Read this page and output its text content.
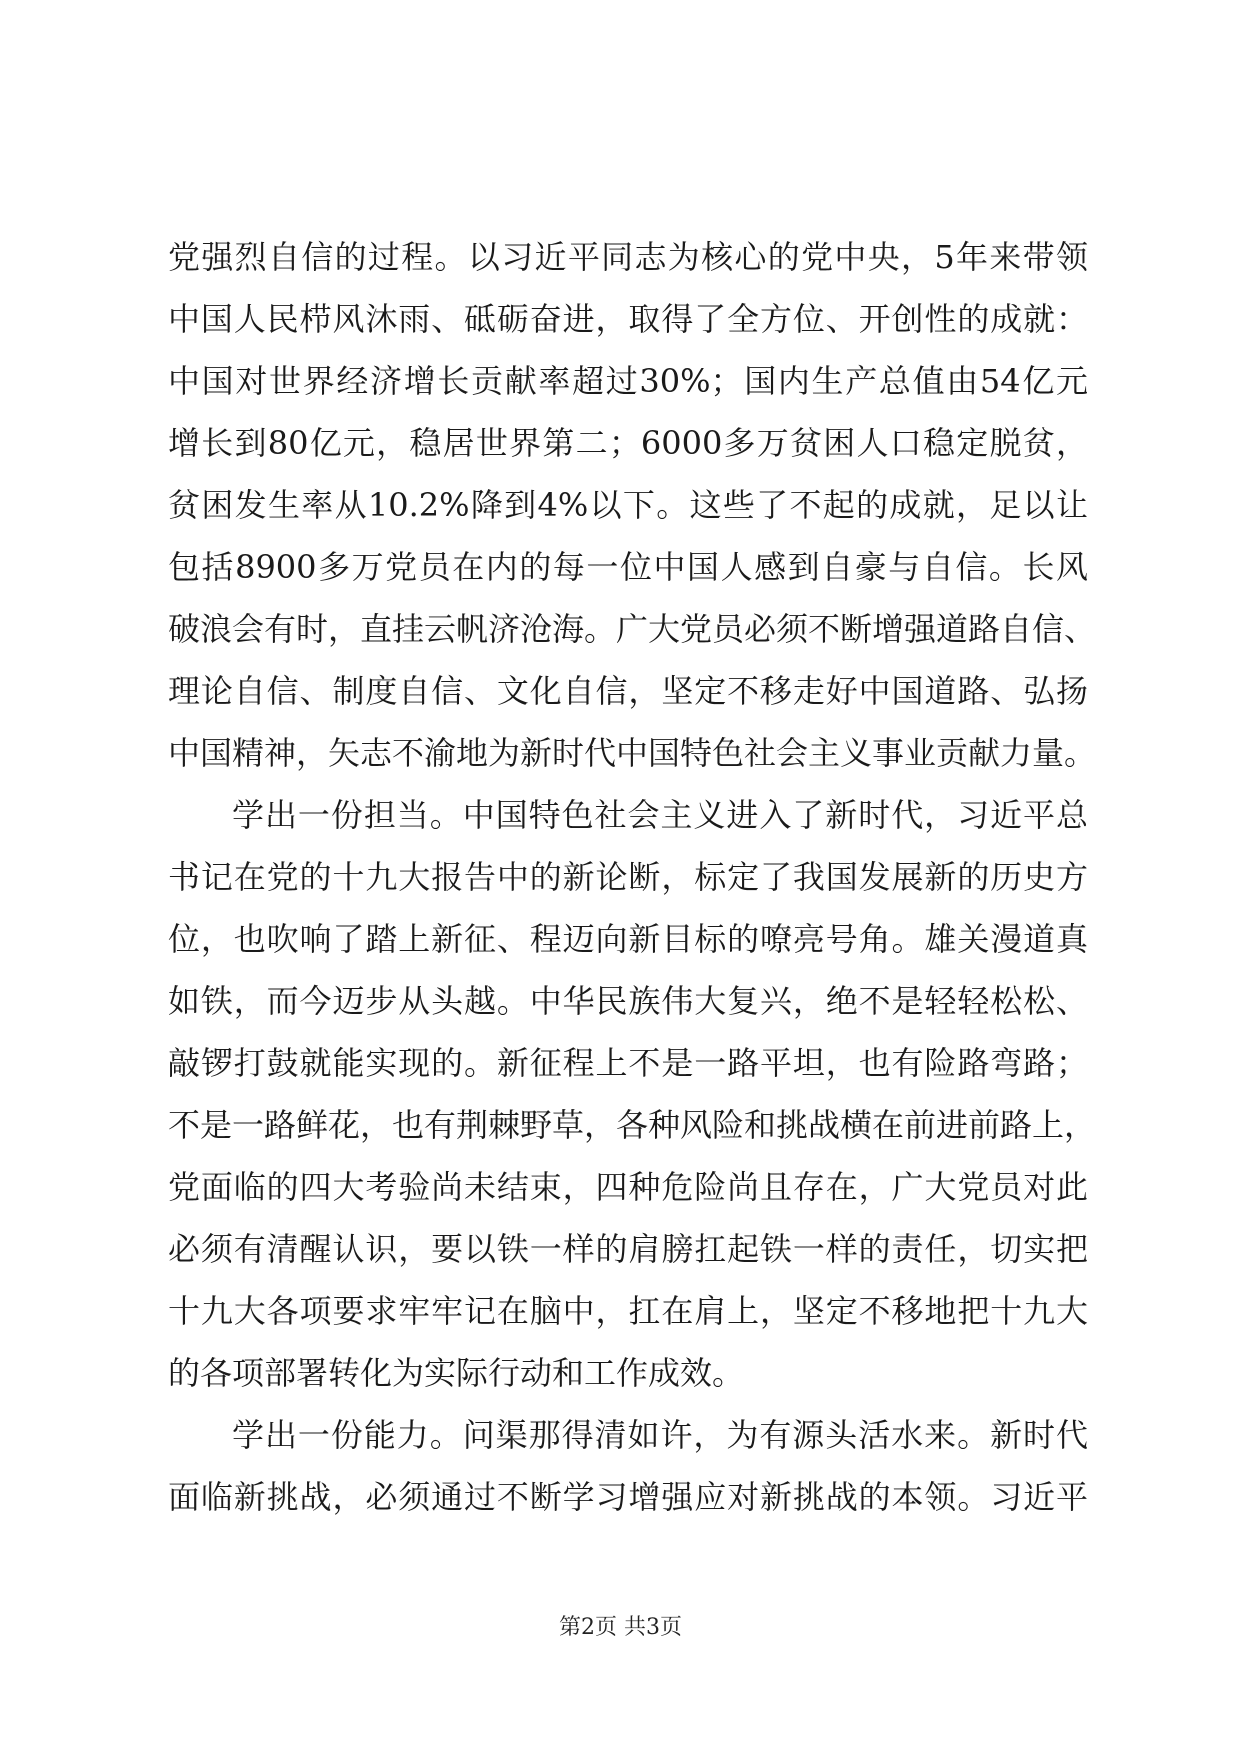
党强烈自信的过程。以习近平同志为核心的党中央，5年来带领
中国人民栉风沐雨、砥砺奋进，取得了全方位、开创性的成就：
中国对世界经济增长贡献率超过30%；国内生产总值由54亿元
增长到80亿元，稳居世界第二；6000多万贫困人口稳定脱贫，
贫困发生率从10.2%降到4%以下。这些了不起的成就，足以让
包括8900多万党员在内的每一位中国人感到自豪与自信。长风
破浪会有时，直挂云帆济沧海。广大党员必须不断增强道路自信、
理论自信、制度自信、文化自信，坚定不移走好中国道路、弘扬
中国精神，矢志不渝地为新时代中国特色社会主义事业贡献力量。
学出一份担当。中国特色社会主义进入了新时代，习近平总
书记在党的十九大报告中的新论断，标定了我国发展新的历史方
位，也吹响了踏上新征、程迈向新目标的嘹亮号角。雄关漫道真
如铁，而今迈步从头越。中华民族伟大复兴，绝不是轻轻松松、
敲锣打鼓就能实现的。新征程上不是一路平坦，也有险路弯路；
不是一路鲜花，也有荆棘野草，各种风险和挑战横在前进前路上，
党面临的四大考验尚未结束，四种危险尚且存在，广大党员对此
必须有清醒认识，要以铁一样的肩膀扛起铁一样的责任，切实把
十九大各项要求牢牢记在脑中，扛在肩上，坚定不移地把十九大
的各项部署转化为实际行动和工作成效。
学出一份能力。问渠那得清如许，为有源头活水来。新时代
面临新挑战，必须通过不断学习增强应对新挑战的本领。习近平
第2页 共3页
